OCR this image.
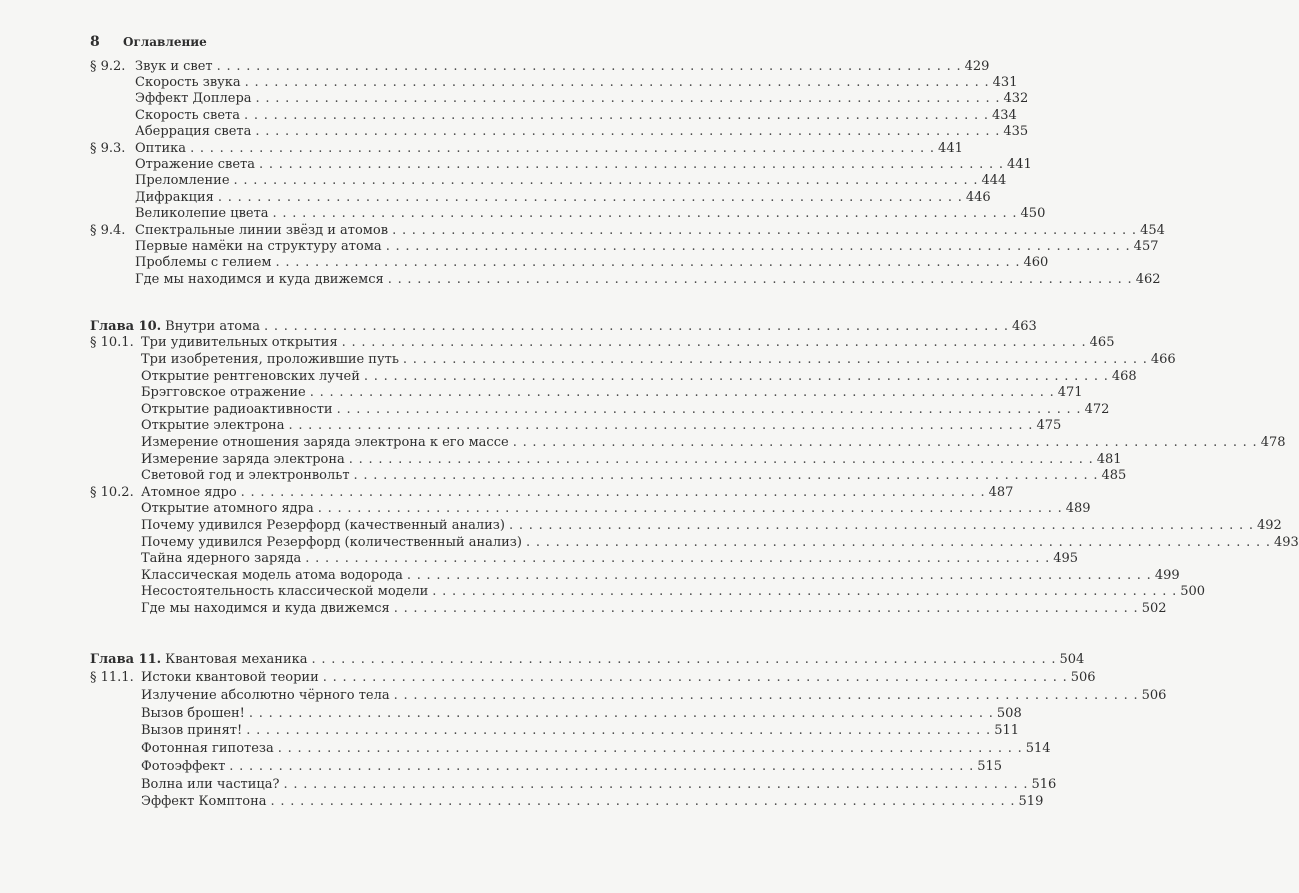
8	Оглавление
§ 9.2. Звук и свет . . .	429
Скорость звука . . .	431
Эффект Доплера . . .	432
Скорость света . . .	434
Аберрация света . . .	435
§ 9.3. Оптика . . .	441
Отражение света . . .	441
Преломление . . .	444
Дифракция . . .	446
Великолепие цвета . . .	450
§ 9.4. Спектральные линии звёзд и атомов . . .	454
Первые намёки на структуру атома . . .	457
Проблемы с гелием . . .	460
Где мы находимся и куда движемся . . .	462
Глава 10. Внутри атома . . .	463
§ 10.1. Три удивительных открытия . . .	465
Три изобретения, проложившие путь . . .	466
Открытие рентгеновских лучей . . .	468
Брэгговское отражение . . .	471
Открытие радиоактивности . . .	472
Открытие электрона . . .	475
Измерение отношения заряда электрона к его массе . . .	478
Измерение заряда электрона . . .	481
Световой год и электронвольт . . .	485
§ 10.2. Атомное ядро . . .	487
Открытие атомного ядра . . .	489
Почему удивился Резерфорд (качественный анализ) . . .	492
Почему удивился Резерфорд (количественный анализ) . . .	493
Тайна ядерного заряда . . .	495
Классическая модель атома водорода . . .	499
Несостоятельность классической модели . . .	500
Где мы находимся и куда движемся . . .	502
Глава 11. Квантовая механика . . .	504
§ 11.1. Истоки квантовой теории . . .	506
Излучение абсолютно чёрного тела . . .	506
Вызов брошен! . . .	508
Вызов принят! . . .	511
Фотонная гипотеза . . .	514
Фотоэффект . . .	515
Волна или частица? . . .	516
Эффект Комптона . . .	519
